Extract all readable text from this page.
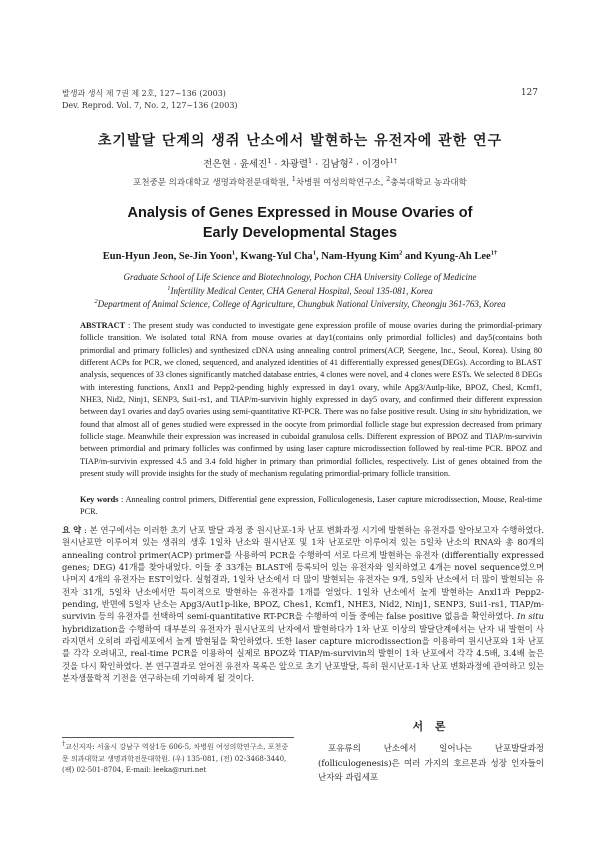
발생과 생식 제 7권 제 2호, 127~136 (2003)
Dev. Reprod. Vol. 7, No. 2, 127~136 (2003)
127
초기발달 단계의 생쥐 난소에서 발현하는 유전자에 관한 연구
전은현 · 윤세진$^1$ · 차광렬$^1$ · 김남형$^2$ · 이경아$^{1\dagger}$
포천중문 의과대학교 생명과학전문대학원, $^1$차병원 여성의학연구소, $^2$충북대학교 농과대학
Analysis of Genes Expressed in Mouse Ovaries of
Early Developmental Stages
Eun-Hyun Jeon, Se-Jin Yoon$^1$, Kwang-Yul Cha$^1$, Nam-Hyung Kim$^2$ and Kyung-Ah Lee$^{1\dagger}$
Graduate School of Life Science and Biotechnology, Pochon CHA University College of Medicine
$^1$Infertility Medical Center, CHA General Hospital, Seoul 135-081, Korea
$^2$Department of Animal Science, College of Agriculture, Chungbuk National University, Cheongju 361-763, Korea
ABSTRACT : The present study was conducted to investigate gene expression profile of mouse ovaries during the primordial-primary follicle transition. We isolated total RNA from mouse ovaries at day1(contains only primordial follicles) and day5(contains both primordial and primary follicles) and synthesized cDNA using annealing control primers(ACP, Seegene, Inc., Seoul, Korea). Using 80 different ACPs for PCR, we cloned, sequenced, and analyzed identities of 41 differentially expressed genes(DEGs). According to BLAST analysis, sequences of 33 clones significantly matched database entries, 4 clones were novel, and 4 clones were ESTs. We selected 8 DEGs with interesting functions, Anxl1 and Pepp2-pending highly expressed in day1 ovary, while Apg3/Autlp-like, BPOZ, Chesl, Kcmf1, NHE3, Nid2, Ninj1, SENP3, Sui1-rs1, and TIAP/m-survivin highly expressed in day5 ovary, and confirmed their different expression between day1 ovaries and day5 ovaries using semi-quantitative RT-PCR. There was no false positive result. Using in situ hybridization, we found that almost all of genes studied were expressed in the oocyte from primordial follicle stage but expression decreased from primary follicle stage. Meanwhile their expression was increased in cuboidal granulosa cells. Different expression of BPOZ and TIAP/m-survivin between primordial and primary follicles was confirmed by using laser capture microdissection followed by real-time PCR. BPOZ and TIAP/m-survivin expressed 4.5 and 3.4 fold higher in primary than primordial follicles, respectively. List of genes obtained from the present study will provide insights for the study of mechanism regulating primordial-primary follicle transition.
Key words : Annealing control primers, Differential gene expression, Folliculogenesis, Laser capture microdissection, Mouse, Real-time PCR.
요 약 : 본 연구에서는 이러한 초기 난포 발달 과정 중 원시난포-1차 난포 변화과정 시기에 발현하는 유전자를 알아보고자 수행하였다. 원시난포만 이루어져 있는 생쥐의 생후 1일차 난소와 원시난포 및 1차 난포로만 이루어져 있는 5일차 난소의 RNA와 총 80개의 annealing control primer(ACP) primer를 사용하여 PCR을 수행하여 서로 다르게 발현하는 유전자 (differentially expressed genes; DEG) 41개를 찾아내었다. 이들 중 33개는 BLAST에 등록되어 있는 유전자와 일치하였고 4개는 novel sequence였으며 나머지 4개의 유전자는 EST이었다. 실험결과, 1일차 난소에서 더 많이 발현되는 유전자는 9개, 5일차 난소에서 더 많이 발현되는 유전자 31개, 5일차 난소에서만 특이적으로 발현하는 유전자를 1개를 얻었다. 1일차 난소에서 높게 발현하는 Anxl1과 Pepp2-pending, 반면에 5일자 난소는 Apg3/Aut1p-like, BPOZ, Ches1, Kcmf1, NHE3, Nid2, Ninj1, SENP3, Sui1-rs1, TIAP/m-survivin 등의 유전자를 선택하여 semi-quantitative RT-PCR을 수행하여 이들 중에는 false positive 없음을 확인하였다. In situ hybridization을 수행하여 대부분의 유전자가 원시난포의 난자에서 발현하다가 1차 난포 이상의 발달단계에서는 난자 내 발현이 사라지면서 오히려 과립세포에서 높게 발현됨을 확인하였다. 또한 laser capture microdissection을 이용하여 원시난포와 1차 난포를 각각 오려내고, real-time PCR을 이용하여 실제로 BPOZ와 TIAP/m-survivin의 발현이 1차 난포에서 각각 4.5배, 3.4배 높은 것을 다시 확인하였다. 본 연구결과로 얻어진 유전자 목록은 앞으로 초기 난포발달, 특히 원시난포-1차 난포 변화과정에 관여하고 있는 분자생물학적 기전을 연구하는데 기여하게 될 것이다.
†교신저자: 서울시 강남구 역삼1동 606-5, 차병원 여성의학연구소, 포천중문 의과대학교 생명과학전문대학원. (우) 135-081, (전) 02-3468-3440, (팩) 02-501-8704, E-mail: leeka@ruri.net
서 론
포유류의 난소에서 일어나는 난포발달과정(folliculogenesis)은 여러 가지의 호르몬과 성장 인자들이 난자와 과립세포
